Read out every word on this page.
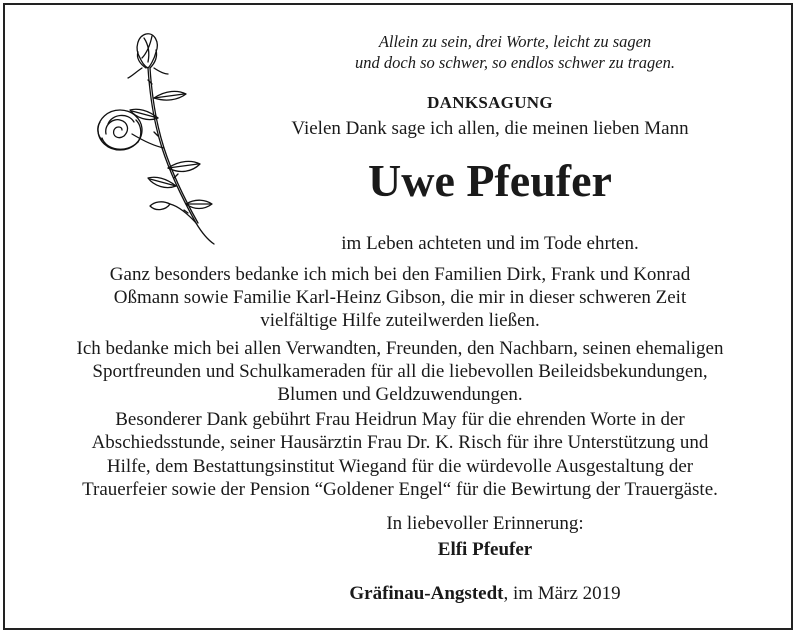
Allein zu sein, drei Worte, leicht zu sagen
und doch so schwer, so endlos schwer zu tragen.
DANKSAGUNG
Vielen Dank sage ich allen, die meinen lieben Mann
Uwe Pfeufer
im Leben achteten und im Tode ehrten.
Ganz besonders bedanke ich mich bei den Familien Dirk, Frank und Konrad
Oßmann sowie Familie Karl-Heinz Gibson, die mir in dieser schweren Zeit
vielfältige Hilfe zuteilwerden ließen.
Ich bedanke mich bei allen Verwandten, Freunden, den Nachbarn, seinen ehemaligen
Sportfreunden und Schulkameraden für all die liebevollen Beileidsbekundungen,
Blumen und Geldzuwendungen.
Besonderer Dank gebührt Frau Heidrun May für die ehrenden Worte in der
Abschiedsstunde, seiner Hausärztin Frau Dr. K. Risch für ihre Unterstützung und
Hilfe, dem Bestattungsinstitut Wiegand für die würdevolle Ausgestaltung der
Trauerfeier sowie der Pension “Goldener Engel“ für die Bewirtung der Trauergäste.
In liebevoller Erinnerung:
Elfi Pfeufer
Gräfinau-Angstedt, im März 2019
